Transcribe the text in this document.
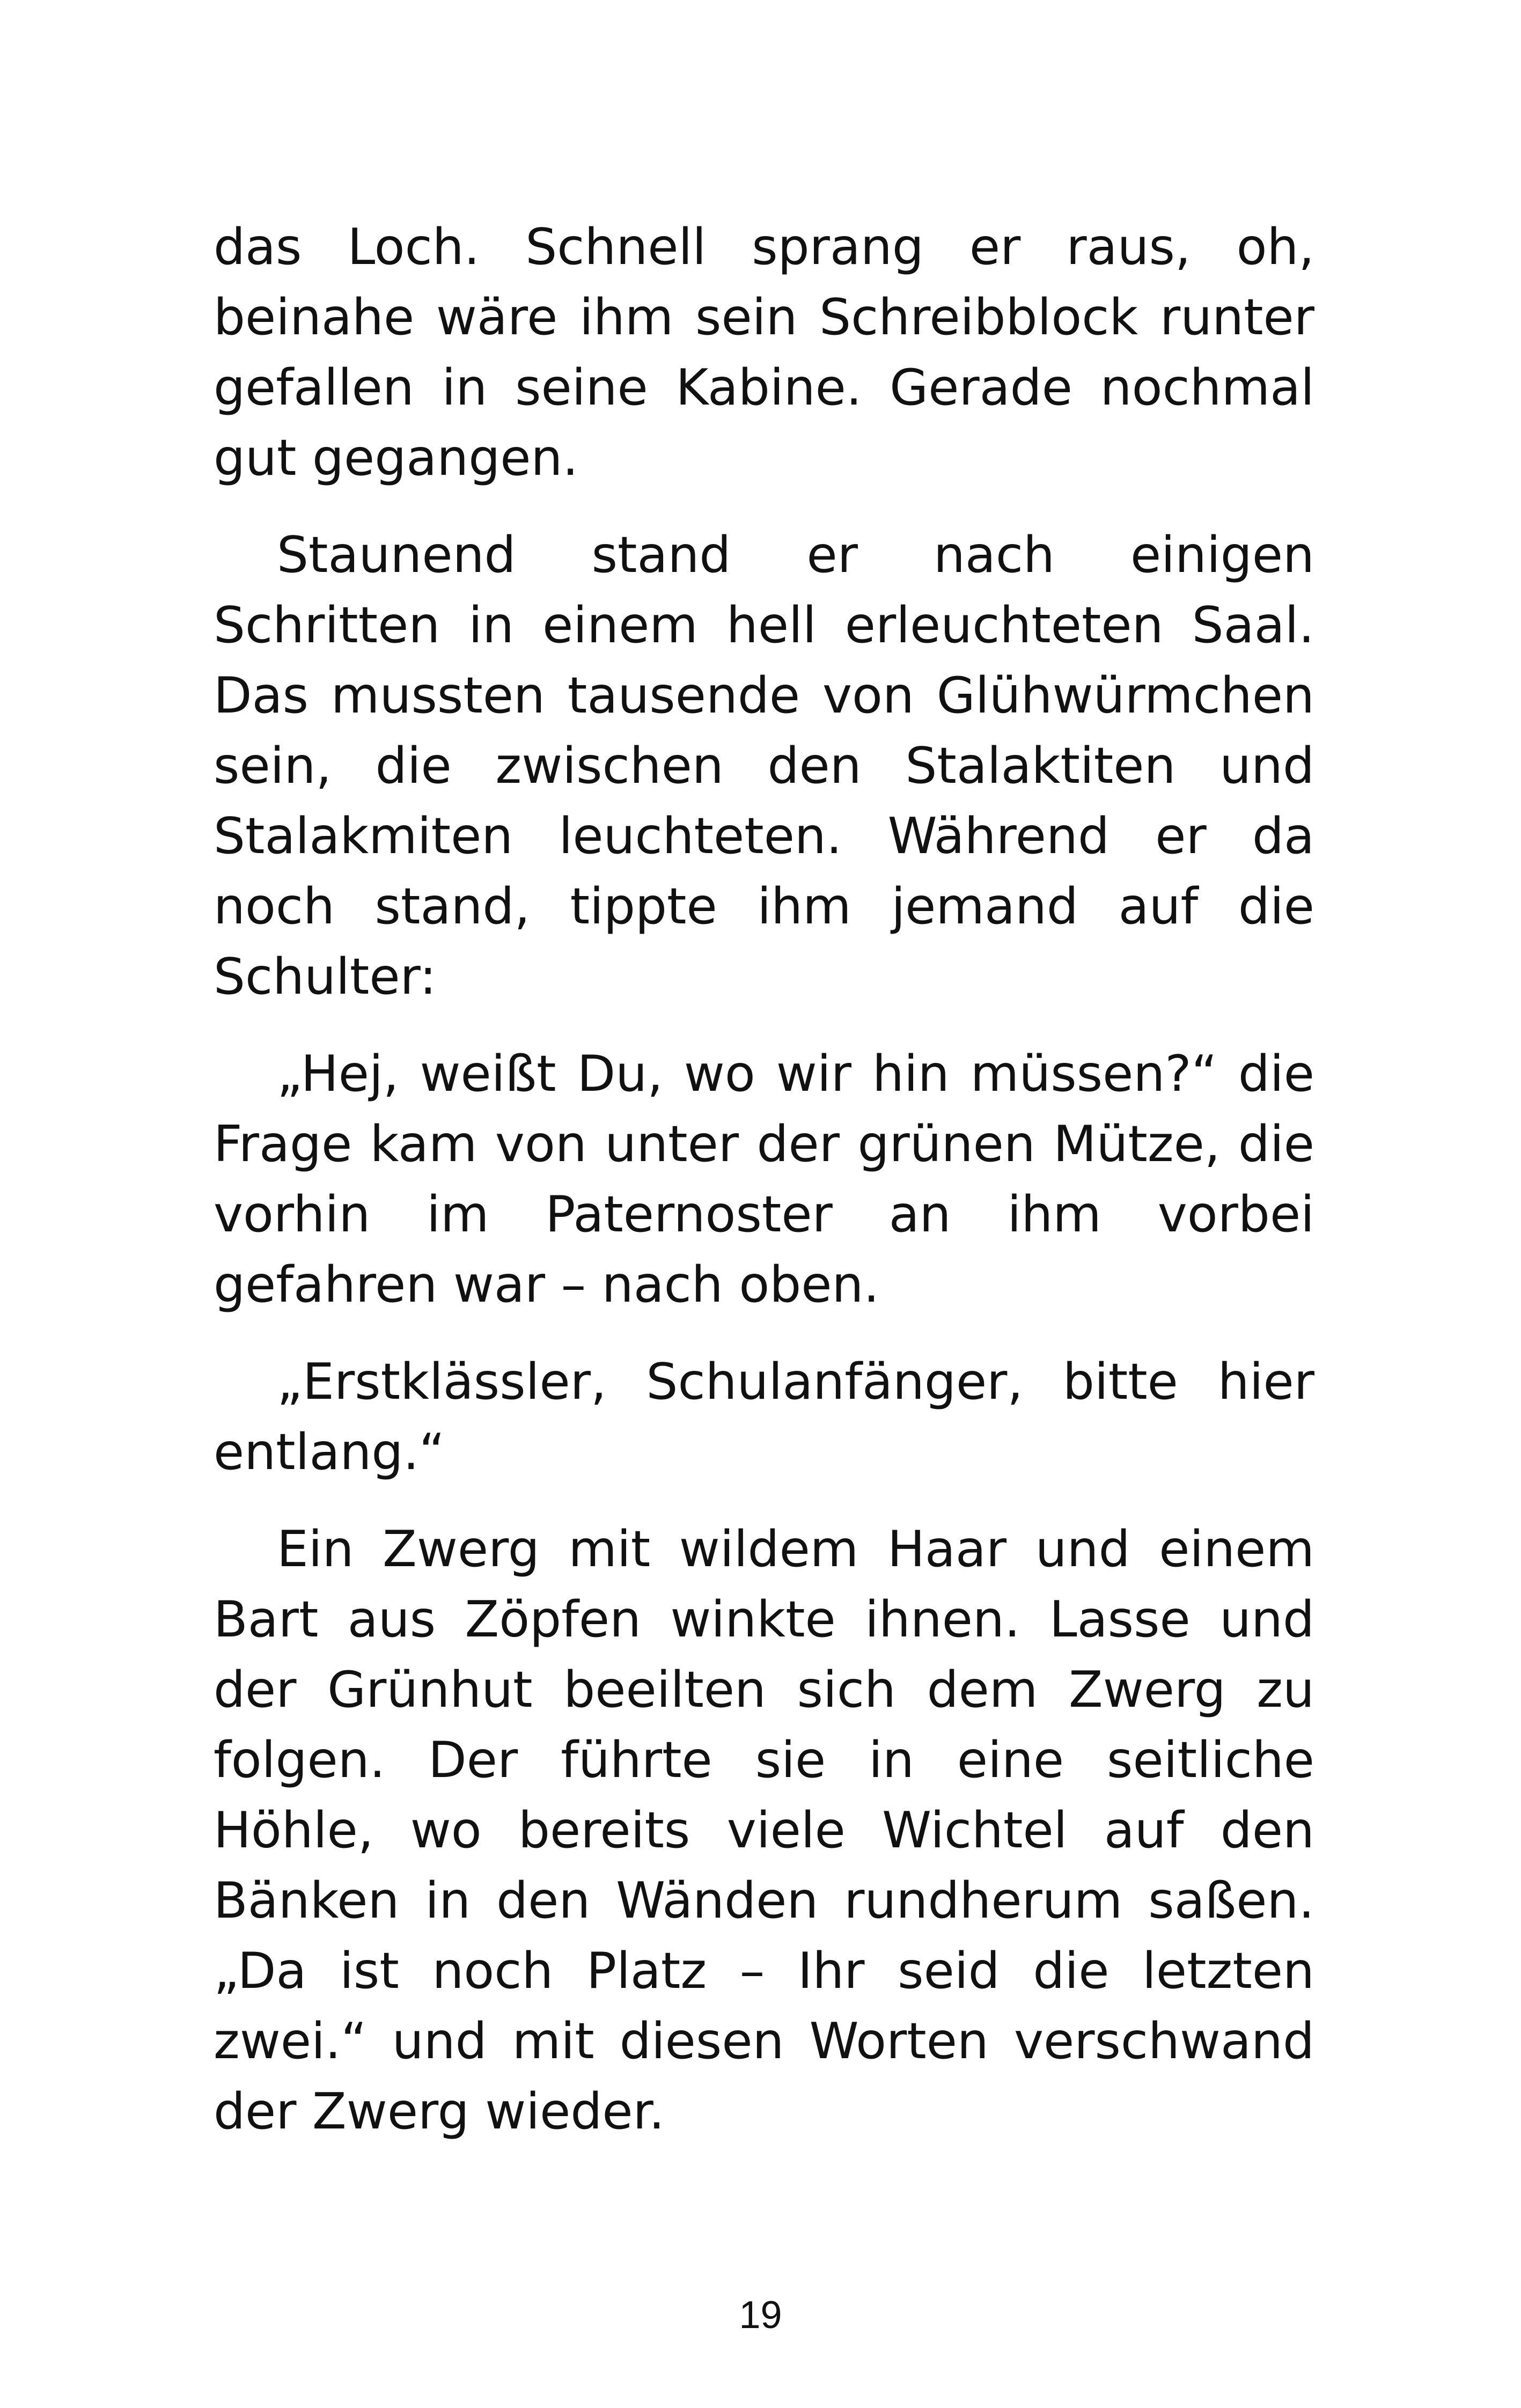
das Loch. Schnell sprang er raus, oh, beinahe wäre ihm sein Schreibblock runter gefallen in seine Kabine. Gerade nochmal gut gegangen.

Staunend stand er nach einigen Schritten in einem hell erleuchteten Saal. Das mussten tausende von Glühwürmchen sein, die zwischen den Stalaktiten und Stalakmiten leuchteten. Während er da noch stand, tippte ihm jemand auf die Schulter:

„Hej, weißt Du, wo wir hin müssen?“ die Frage kam von unter der grünen Mütze, die vorhin im Paternoster an ihm vorbei gefahren war – nach oben.

„Erstklässler, Schulanfänger, bitte hier entlang.“

Ein Zwerg mit wildem Haar und einem Bart aus Zöpfen winkte ihnen. Lasse und der Grünhut beeilten sich dem Zwerg zu folgen. Der führte sie in eine seitliche Höhle, wo bereits viele Wichtel auf den Bänken in den Wänden rundherum saßen. „Da ist noch Platz – Ihr seid die letzten zwei.“ und mit diesen Worten verschwand der Zwerg wieder.

19
